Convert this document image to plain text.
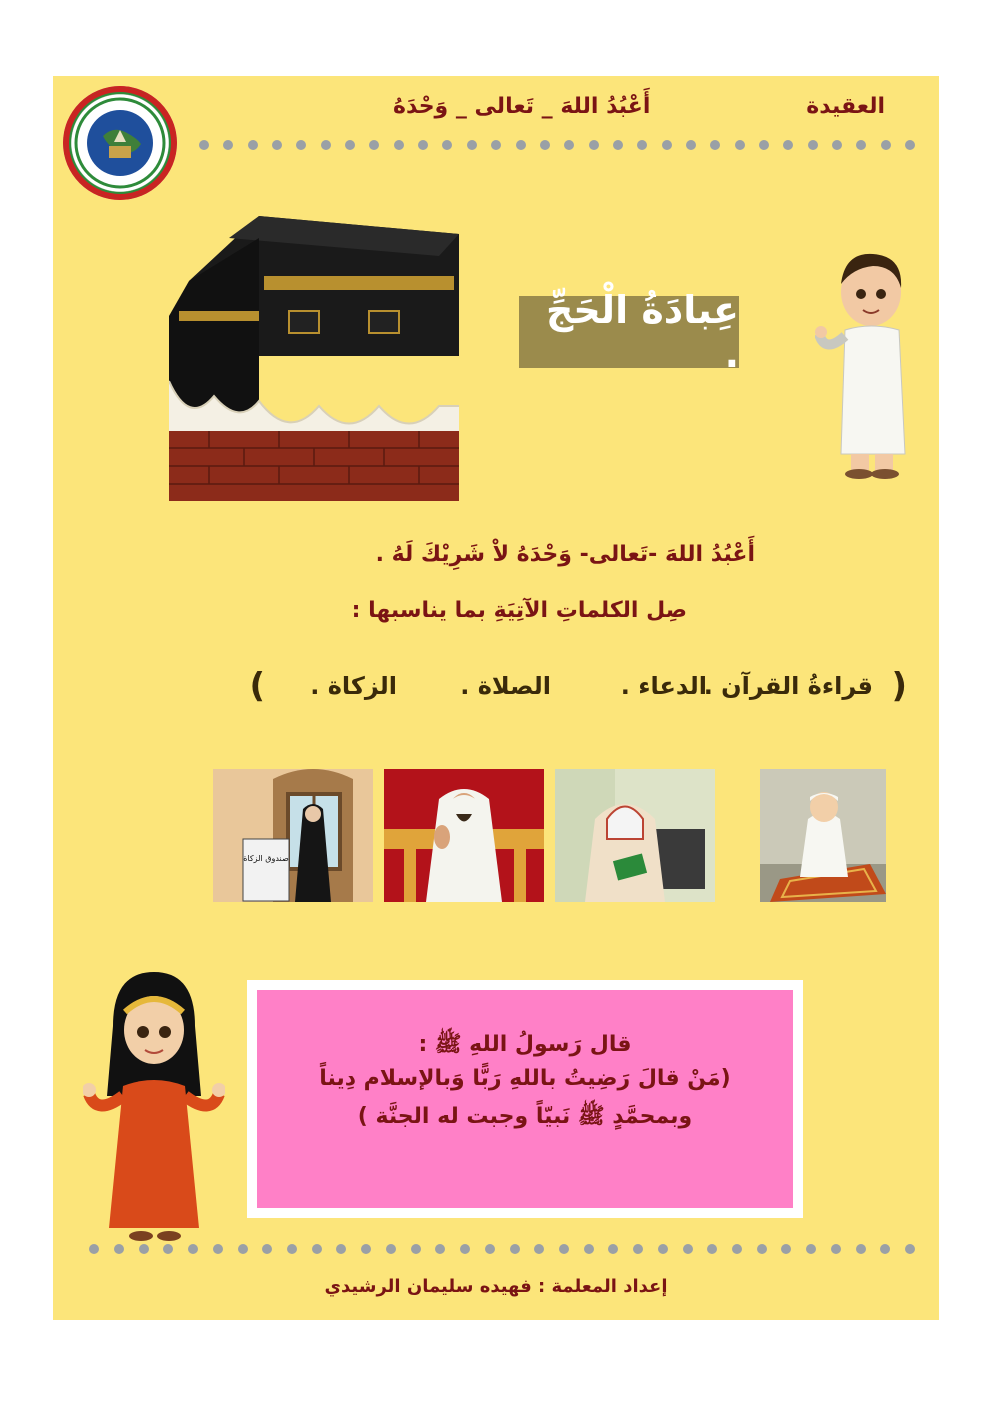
العقيدة
أَعْبُدُ اللهَ _ تَعالى _ وَحْدَهُ
عِبادَةُ الْحَجِّ .
أَعْبُدُ اللهَ -تَعالى- وَحْدَهُ لاْ شَرِيْكَ لَهُ .
صِل الكلماتِ الآتِيَةِ بما يناسبها :
(
قراءةُ القرآن .
الدعاء .
الصلاة .
الزكاة .
)
صندوق الزكاة
قال رَسولُ اللهِ ﷺ :
(مَنْ قالَ رَضِيتُ باللهِ رَبًّا وَبالإسلام دِيناً
وبمحمَّدٍ ﷺ نَبيّاً وجبت له الجنَّة )
إعداد المعلمة : فهيده سليمان الرشيدي
